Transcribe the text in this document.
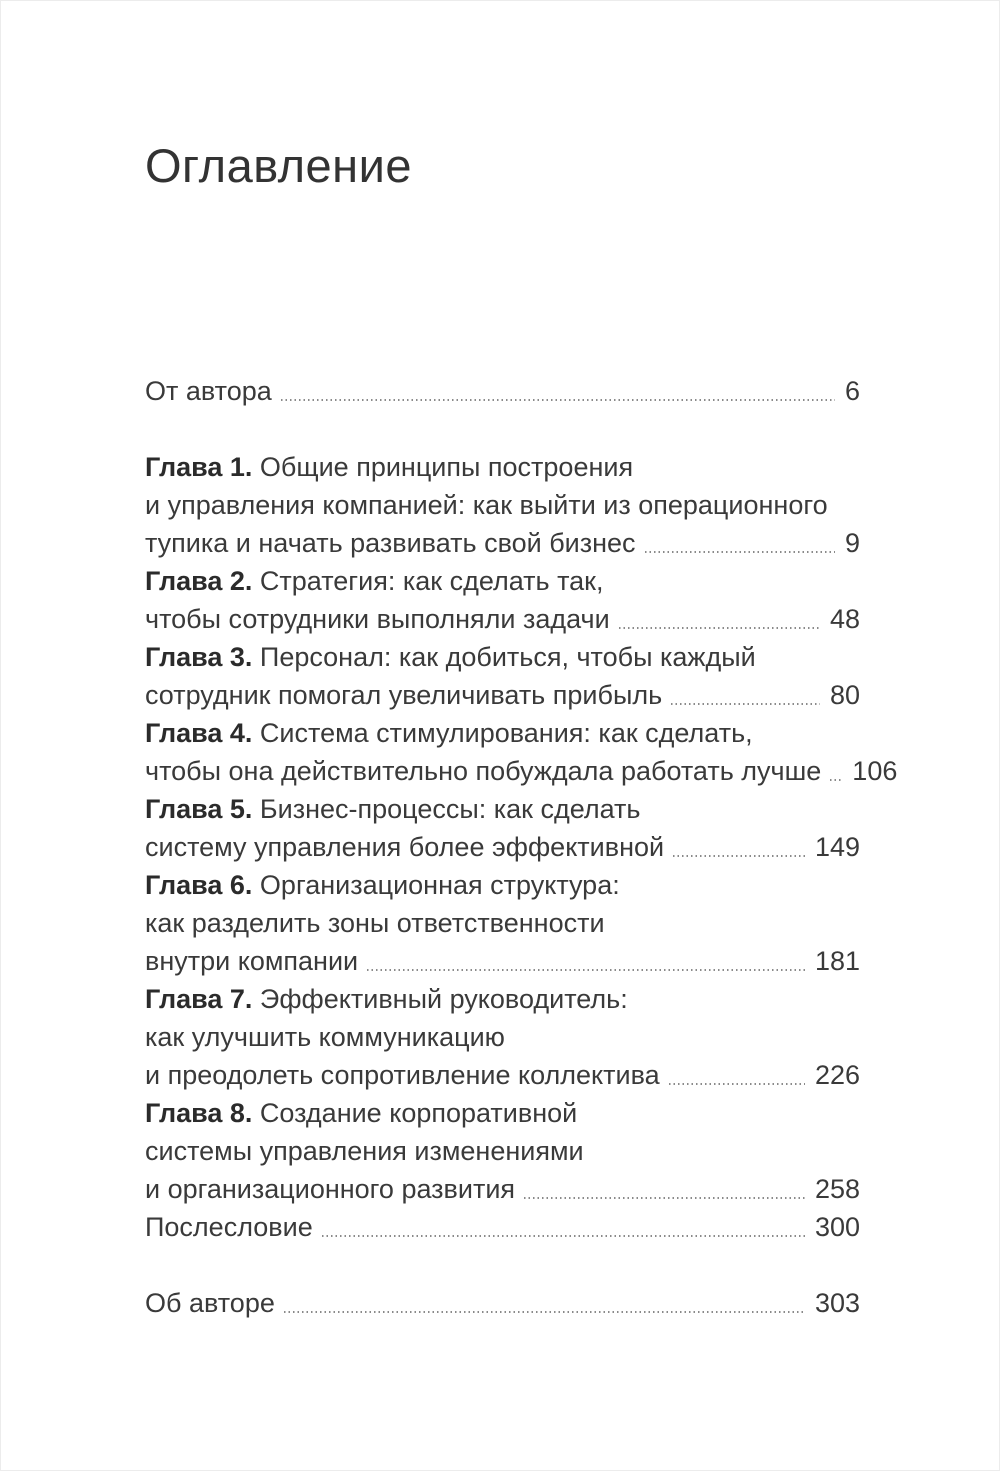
Оглавление
От автора	6
Глава 1. Общие принципы построения
и управления компанией: как выйти из операционного
тупика и начать развивать свой бизнес	9
Глава 2. Стратегия: как сделать так,
чтобы сотрудники выполняли задачи	48
Глава 3. Персонал: как добиться, чтобы каждый
сотрудник помогал увеличивать прибыль	80
Глава 4. Система стимулирования: как сделать,
чтобы она действительно побуждала работать лучше 106
Глава 5. Бизнес-процессы: как сделать
систему управления более эффективной	149
Глава 6. Организационная структура:
как разделить зоны ответственности
внутри компании	181
Глава 7. Эффективный руководитель:
как улучшить коммуникацию
и преодолеть сопротивление коллектива	226
Глава 8. Создание корпоративной
системы управления изменениями
и организационного развития	258
Послесловие	300
Об авторе	303
